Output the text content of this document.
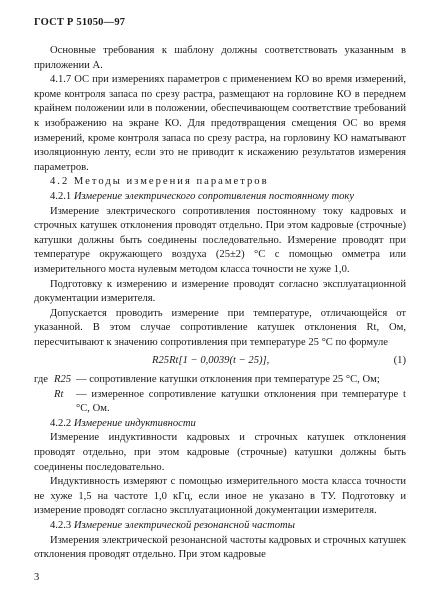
ГОСТ Р 51050—97

Основные требования к шаблону должны соответствовать указанным в приложении А.

4.1.7 ОС при измерениях параметров с применением КО во время измерений, кроме контроля запаса по срезу растра, размещают на горловине КО в переднем крайнем положении или в положении, обеспечивающем соответствие требований к изображению на экране КО. Для предотвращения смещения ОС во время измерений, кроме контроля запаса по срезу растра, на горловину КО наматывают изоляционную ленту, если это не приводит к искажению результатов измерения параметров.

4.2 Методы измерения параметров

4.2.1 Измерение электрического сопротивления постоянному току

Измерение электрического сопротивления постоянному току кадровых и строчных катушек отклонения проводят отдельно. При этом кадровые (строчные) катушки должны быть соединены последовательно. Измерение проводят при температуре окружающего воздуха (25±2) °С с помощью омметра или измерительного моста нулевым методом класса точности не хуже 1,0.

Подготовку к измерению и измерение проводят согласно эксплуатационной документации измерителя.

Допускается проводить измерение при температуре, отличающейся от указанной. В этом случае сопротивление катушек отклонения Rt, Ом, пересчитывают к значению сопротивления при температуре 25 °С по формуле

R25Rt[1 − 0,0039(t − 25)],	(1)
где R25 — сопротивление катушки отклонения при температуре 25 °С, Ом;
Rt	— измеренное сопротивление катушки отклонения при температуре t °С, Ом.

4.2.2 Измерение индуктивности

Измерение индуктивности кадровых и строчных катушек отклонения проводят отдельно, при этом кадровые (строчные) катушки должны быть соединены последовательно.

Индуктивность измеряют с помощью измерительного моста класса точности не хуже 1,5 на частоте 1,0 кГц, если иное не указано в ТУ. Подготовку и измерение проводят согласно эксплуатационной документации измерителя.

4.2.3 Измерение электрической резонансной частоты

Измерения электрической резонансной частоты кадровых и строчных катушек отклонения проводят отдельно. При этом кадровые

3
